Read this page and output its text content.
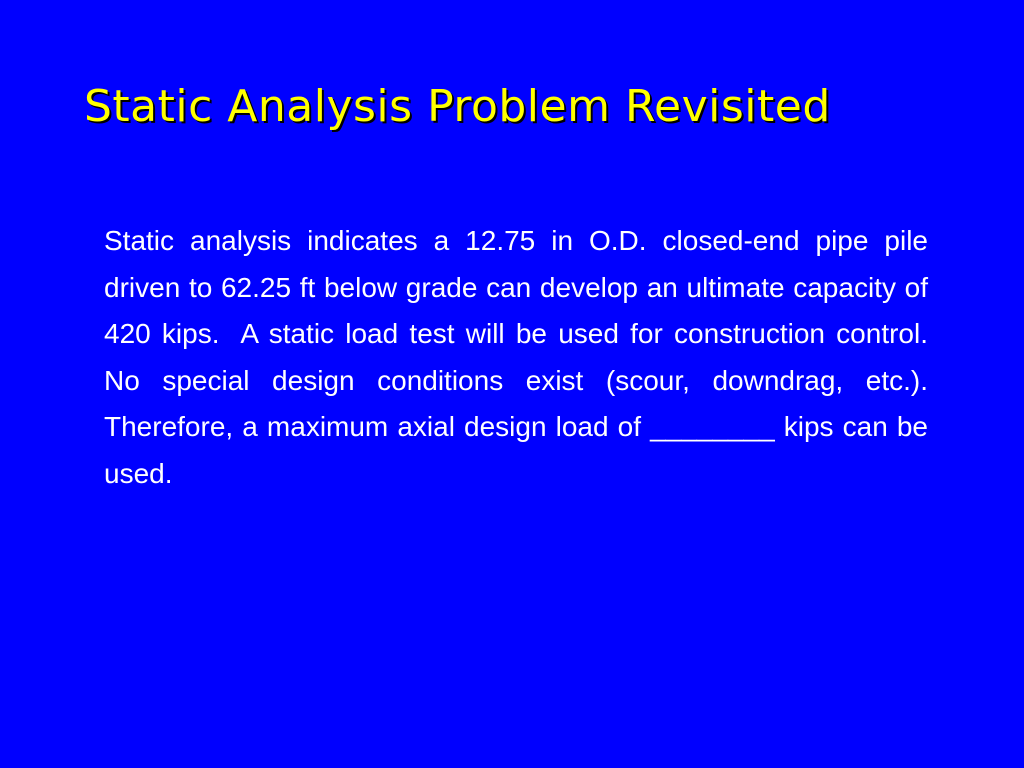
Static Analysis Problem Revisited

Static analysis indicates a 12.75 in O.D. closed-end pipe pile driven to 62.25 ft below grade can develop an ultimate capacity of 420 kips.  A static load test will be used for construction control.  No special design conditions exist (scour, downdrag, etc.).  Therefore, a maximum axial design load of ________ kips can be used.
